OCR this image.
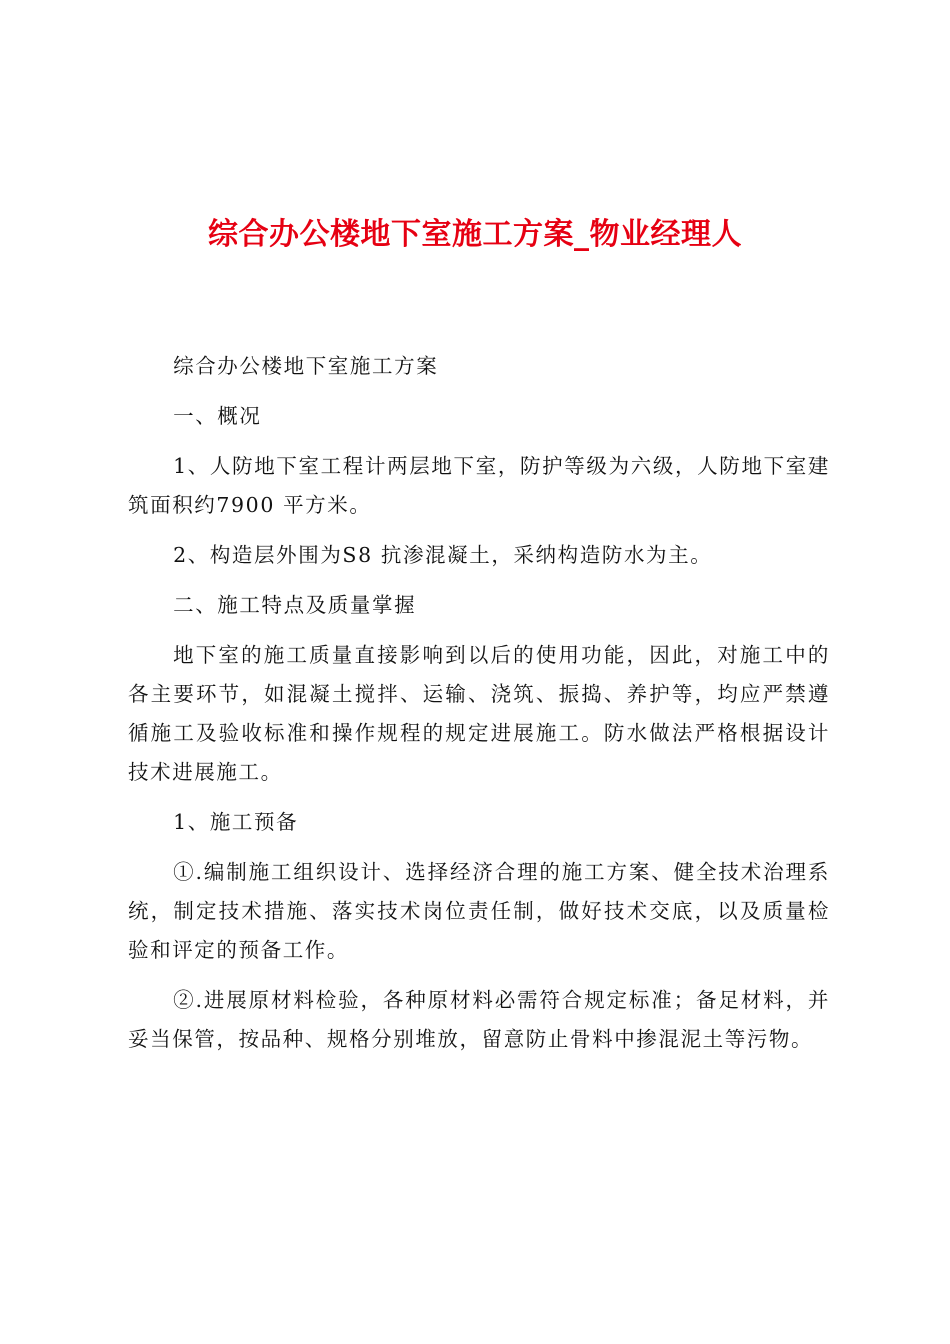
综合办公楼地下室施工方案_物业经理人

综合办公楼地下室施工方案

一、概况

1、人防地下室工程计两层地下室，防护等级为六级，人防地下室建筑面积约7900 平方米。

2、构造层外围为S8 抗渗混凝土，采纳构造防水为主。

二、施工特点及质量掌握

地下室的施工质量直接影响到以后的使用功能，因此，对施工中的各主要环节，如混凝土搅拌、运输、浇筑、振捣、养护等，均应严禁遵循施工及验收标准和操作规程的规定进展施工。防水做法严格根据设计技术进展施工。

1、施工预备

①.编制施工组织设计、选择经济合理的施工方案、健全技术治理系统，制定技术措施、落实技术岗位责任制，做好技术交底，以及质量检验和评定的预备工作。

②.进展原材料检验，各种原材料必需符合规定标准；备足材料，并妥当保管，按品种、规格分别堆放，留意防止骨料中掺混泥土等污物。
